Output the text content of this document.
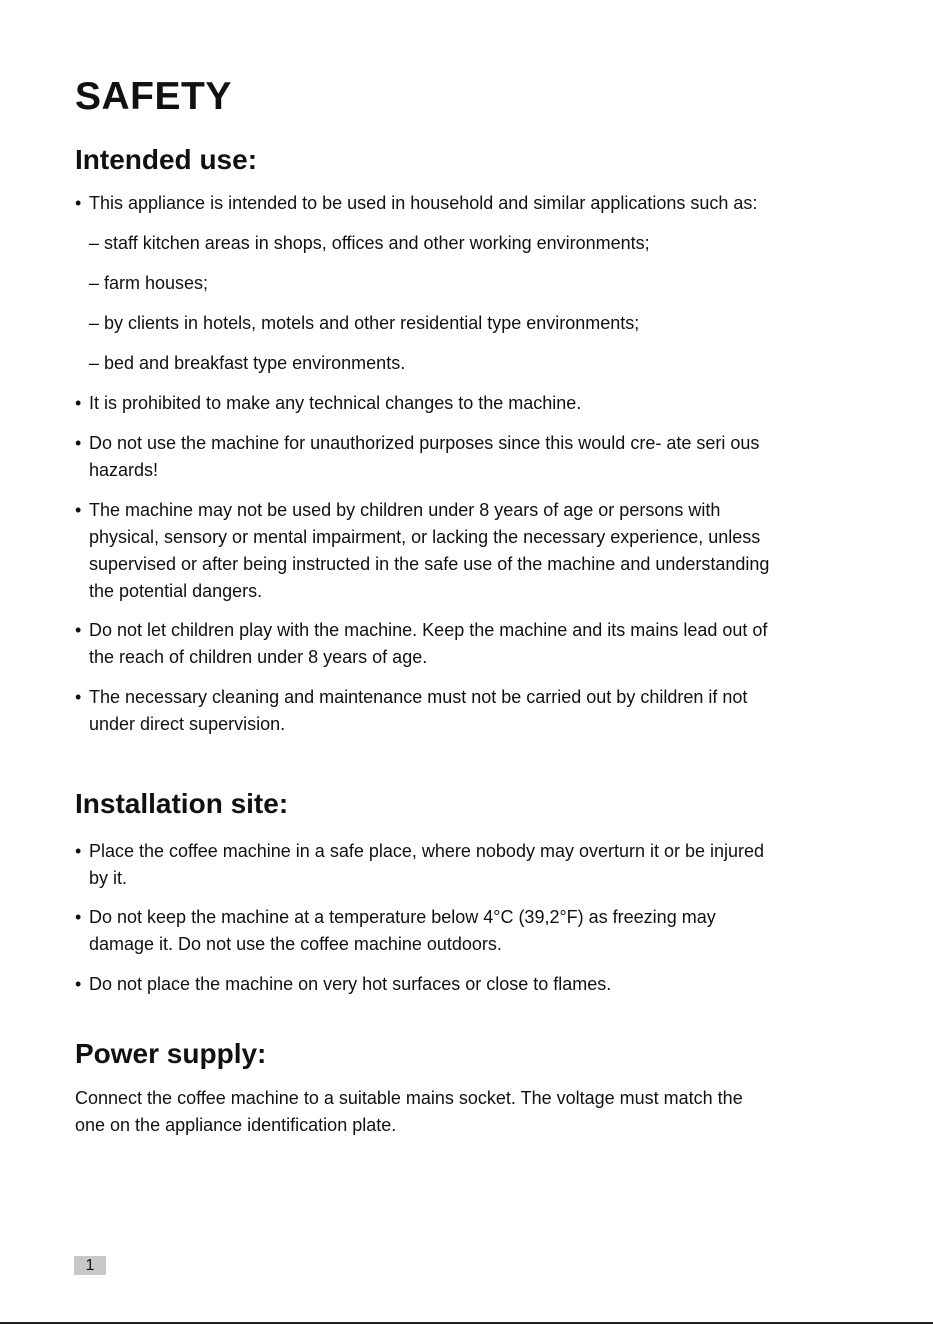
SAFETY
Intended use:
• This appliance is intended to be used in household and similar applications such as:
– staff kitchen areas in shops, offices and other working environments;
– farm houses;
– by clients in hotels, motels and other residential type environments;
– bed and breakfast type environments.
• It is prohibited to make any technical changes to the machine.
• Do not use the machine for unauthorized purposes since this would cre- ate seri ous
hazards!
• The machine may not be used by children under 8 years of age or persons with
physical, sensory or mental impairment, or lacking the necessary experience, unless
supervised or after being instructed in the safe use of the machine and understanding
the potential dangers.
• Do not let children play with the machine. Keep the machine and its mains lead out of
the reach of children under 8 years of age.
• The necessary cleaning and maintenance must not be carried out by children if not
under direct supervision.
Installation site:
• Place the coffee machine in a safe place, where nobody may overturn it or be injured
by it.
• Do not keep the machine at a temperature below 4°C (39,2°F) as freezing may
damage it. Do not use the coffee machine outdoors.
• Do not place the machine on very hot surfaces or close to flames.
Power supply:
Connect the coffee machine to a suitable mains socket. The voltage must match the
one on the appliance identification plate.
1
